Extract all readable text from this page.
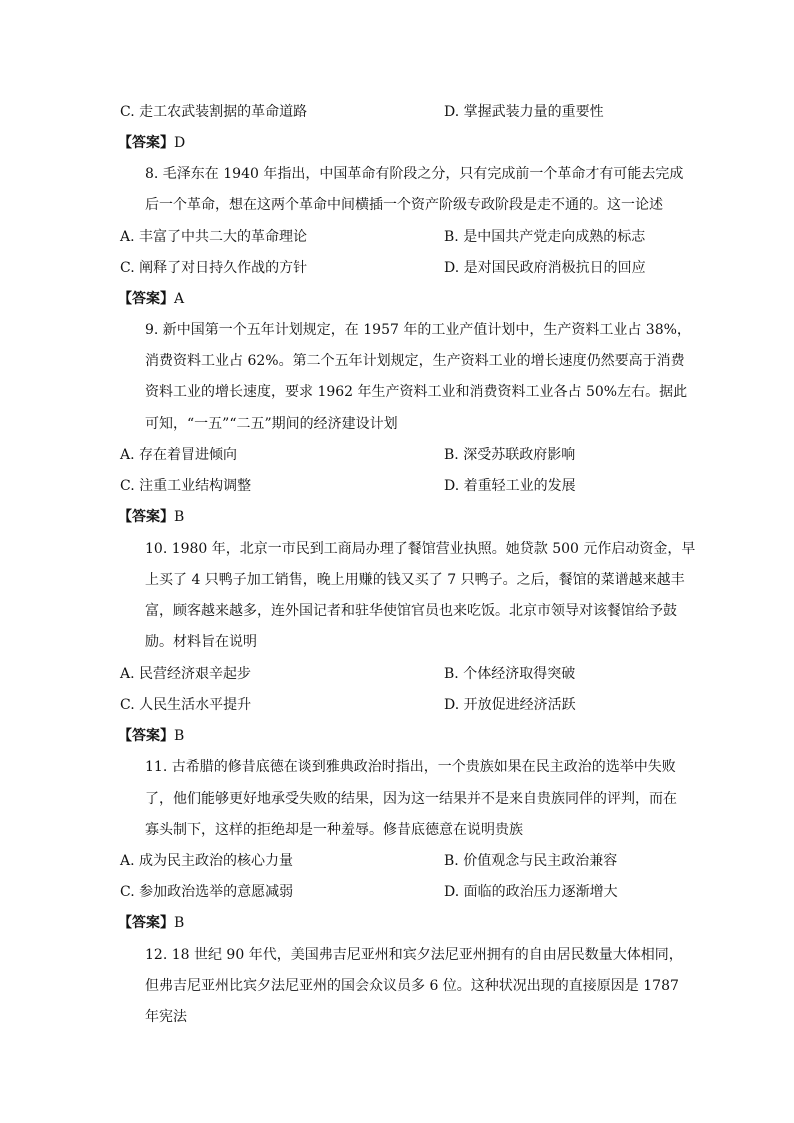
C. 走工农武装割据的革命道路	D. 掌握武装力量的重要性
【答案】D
8. 毛泽东在 1940 年指出，中国革命有阶段之分，只有完成前一个革命才有可能去完成
后一个革命，想在这两个革命中间横插一个资产阶级专政阶段是走不通的。这一论述
A. 丰富了中共二大的革命理论	B. 是中国共产党走向成熟的标志
C. 阐释了对日持久作战的方针	D. 是对国民政府消极抗日的回应
【答案】A
9. 新中国第一个五年计划规定，在 1957 年的工业产值计划中，生产资料工业占 38%，
消费资料工业占 62%。第二个五年计划规定，生产资料工业的增长速度仍然要高于消费
资料工业的增长速度，要求 1962 年生产资料工业和消费资料工业各占 50%左右。据此
可知，“一五”“二五”期间的经济建设计划
A. 存在着冒进倾向	B. 深受苏联政府影响
C. 注重工业结构调整	D. 着重轻工业的发展
【答案】B
10. 1980 年，北京一市民到工商局办理了餐馆营业执照。她贷款 500 元作启动资金，早
上买了 4 只鸭子加工销售，晚上用赚的钱又买了 7 只鸭子。之后，餐馆的菜谱越来越丰
富，顾客越来越多，连外国记者和驻华使馆官员也来吃饭。北京市领导对该餐馆给予鼓
励。材料旨在说明
A. 民营经济艰辛起步	B. 个体经济取得突破
C. 人民生活水平提升	D. 开放促进经济活跃
【答案】B
11. 古希腊的修昔底德在谈到雅典政治时指出，一个贵族如果在民主政治的选举中失败
了，他们能够更好地承受失败的结果，因为这一结果并不是来自贵族同伴的评判，而在
寡头制下，这样的拒绝却是一种羞辱。修昔底德意在说明贵族
A. 成为民主政治的核心力量	B. 价值观念与民主政治兼容
C. 参加政治选举的意愿减弱	D. 面临的政治压力逐渐增大
【答案】B
12. 18 世纪 90 年代，美国弗吉尼亚州和宾夕法尼亚州拥有的自由居民数量大体相同，
但弗吉尼亚州比宾夕法尼亚州的国会众议员多 6 位。这种状况出现的直接原因是 1787
年宪法
